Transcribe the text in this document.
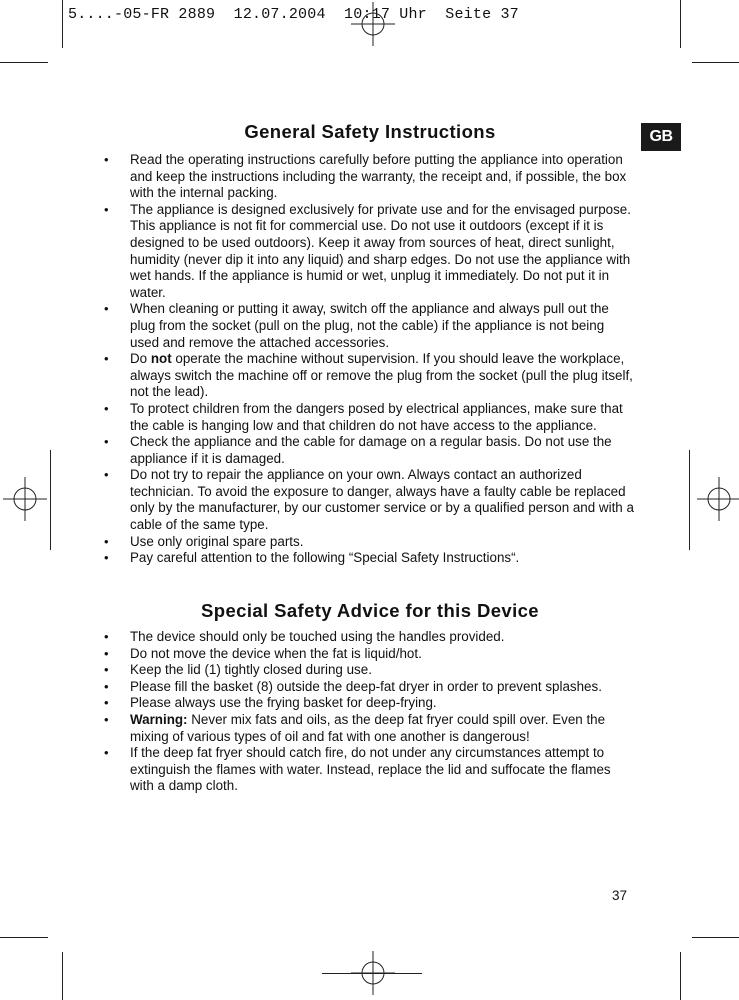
5....-05-FR 2889  12.07.2004  10:17 Uhr  Seite 37
GB
General Safety Instructions
• Read the operating instructions carefully before putting the appliance into operation and keep the instructions including the warranty, the receipt and, if possible, the box with the internal packing.
• The appliance is designed exclusively for private use and for the envisaged purpose. This appliance is not fit for commercial use. Do not use it outdoors (except if it is designed to be used outdoors). Keep it away from sources of heat, direct sunlight, humidity (never dip it into any liquid) and sharp edges. Do not use the appliance with wet hands. If the appliance is humid or wet, unplug it immediately. Do not put it in water.
• When cleaning or putting it away, switch off the appliance and always pull out the plug from the socket (pull on the plug, not the cable) if the appliance is not being used and remove the attached accessories.
• Do not operate the machine without supervision. If you should leave the workplace, always switch the machine off or remove the plug from the socket (pull the plug itself, not the lead).
• To protect children from the dangers posed by electrical appliances, make sure that the cable is hanging low and that children do not have access to the appliance.
• Check the appliance and the cable for damage on a regular basis. Do not use the appliance if it is damaged.
• Do not try to repair the appliance on your own. Always contact an authorized technician. To avoid the exposure to danger, always have a faulty cable be replaced only by the manufacturer, by our customer service or by a qualified person and with a cable of the same type.
• Use only original spare parts.
• Pay careful attention to the following “Special Safety Instructions“.
Special Safety Advice for this Device
• The device should only be touched using the handles provided.
• Do not move the device when the fat is liquid/hot.
• Keep the lid (1) tightly closed during use.
• Please fill the basket (8) outside the deep-fat dryer in order to prevent splashes.
• Please always use the frying basket for deep-frying.
• Warning: Never mix fats and oils, as the deep fat fryer could spill over. Even the mixing of various types of oil and fat with one another is dangerous!
• If the deep fat fryer should catch fire, do not under any circumstances attempt to extinguish the flames with water. Instead, replace the lid and suffocate the flames with a damp cloth.
37
